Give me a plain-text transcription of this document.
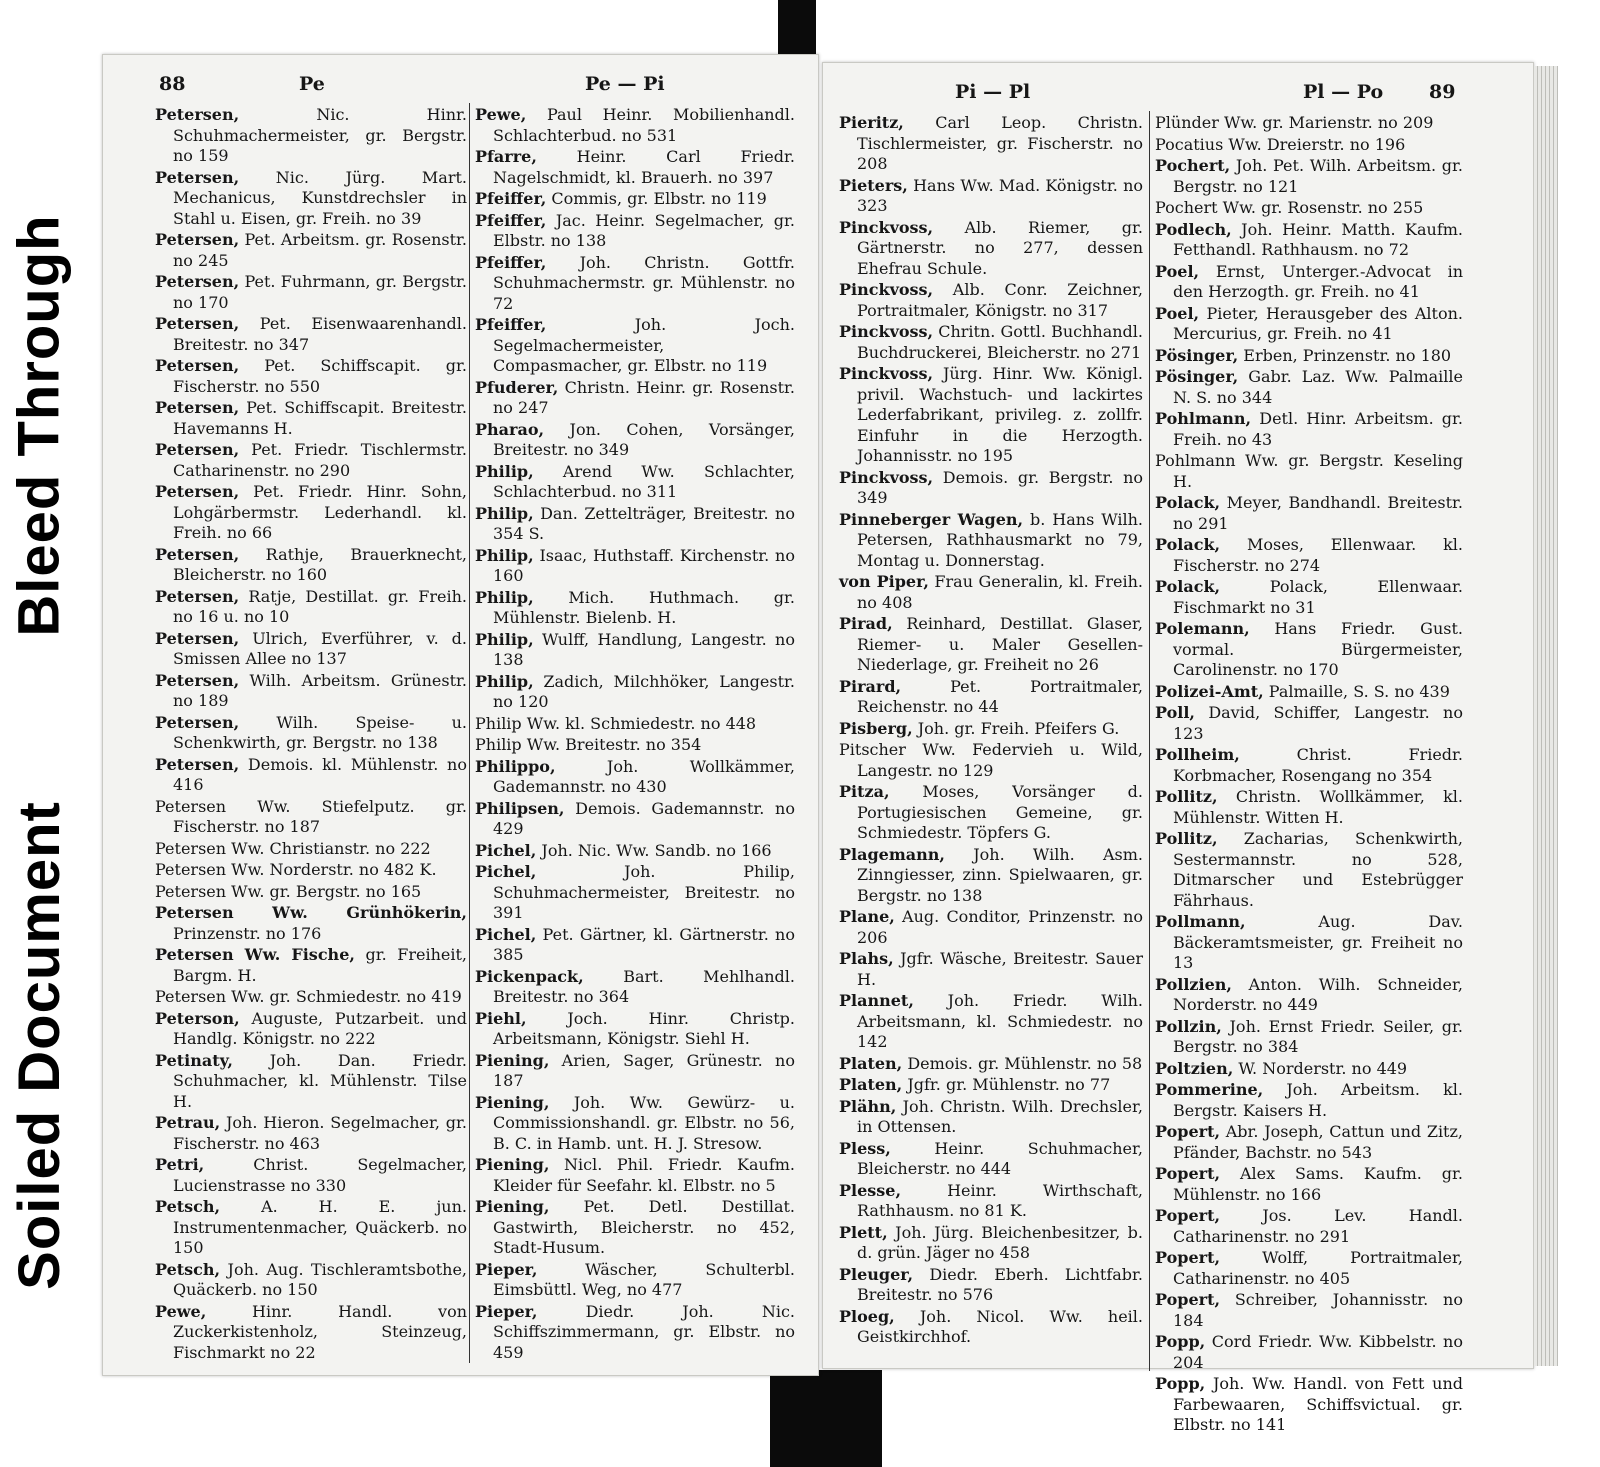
Bleed Through
Soiled Document
88	Pe	Pe — Pi
Petersen, Nic. Hinr. Schuhmachermeister, gr. Bergstr. no 159
Petersen, Nic. Jürg. Mart. Mechanicus, Kunstdrechsler in Stahl u. Eisen, gr. Freih. no 39
Petersen, Pet. Arbeitsm. gr. Rosenstr. no 245
Petersen, Pet. Fuhrmann, gr. Bergstr. no 170
Petersen, Pet. Eisenwaarenhandl. Breitestr. no 347
Petersen, Pet. Schiffscapit. gr. Fischerstr. no 550
Petersen, Pet. Schiffscapit. Breitestr. Havemanns H.
Petersen, Pet. Friedr. Tischlermstr. Catharinenstr. no 290
Petersen, Pet. Friedr. Hinr. Sohn, Lohgärbermstr. Lederhandl. kl. Freih. no 66
Petersen, Rathje, Brauerknecht, Bleicherstr. no 160
Petersen, Ratje, Destillat. gr. Freih. no 16 u. no 10
Petersen, Ulrich, Everführer, v. d. Smissen Allee no 137
Petersen, Wilh. Arbeitsm. Grünestr. no 189
Petersen, Wilh. Speise- u. Schenkwirth, gr. Bergstr. no 138
Petersen, Demois. kl. Mühlenstr. no 416
Petersen Ww. Stiefelputz. gr. Fischerstr. no 187
Petersen Ww. Christianstr. no 222
Petersen Ww. Norderstr. no 482 K.
Petersen Ww. gr. Bergstr. no 165
Petersen Ww. Grünhökerin, Prinzenstr. no 176
Petersen Ww. Fische, gr. Freiheit, Bargm. H.
Petersen Ww. gr. Schmiedestr. no 419
Peterson, Auguste, Putzarbeit. und Handlg. Königstr. no 222
Petinaty, Joh. Dan. Friedr. Schuhmacher, kl. Mühlenstr. Tilse H.
Petrau, Joh. Hieron. Segelmacher, gr. Fischerstr. no 463
Petri, Christ. Segelmacher, Lucienstrasse no 330
Petsch, A. H. E. jun. Instrumentenmacher, Quäckerb. no 150
Petsch, Joh. Aug. Tischleramtsbothe, Quäckerb. no 150
Pewe, Hinr. Handl. von Zuckerkistenholz, Steinzeug, Fischmarkt no 22
Pewe, Paul Heinr. Mobilienhandl. Schlachterbud. no 531
Pfarre, Heinr. Carl Friedr. Nagelschmidt, kl. Brauerh. no 397
Pfeiffer, Commis, gr. Elbstr. no 119
Pfeiffer, Jac. Heinr. Segelmacher, gr. Elbstr. no 138
Pfeiffer, Joh. Christn. Gottfr. Schuhmachermstr. gr. Mühlenstr. no 72
Pfeiffer, Joh. Joch. Segelmachermeister, Compasmacher, gr. Elbstr. no 119
Pfuderer, Christn. Heinr. gr. Rosenstr. no 247
Pharao, Jon. Cohen, Vorsänger, Breitestr. no 349
Philip, Arend Ww. Schlachter, Schlachterbud. no 311
Philip, Dan. Zettelträger, Breitestr. no 354 S.
Philip, Isaac, Huthstaff. Kirchenstr. no 160
Philip, Mich. Huthmach. gr. Mühlenstr. Bielenb. H.
Philip, Wulff, Handlung, Langestr. no 138
Philip, Zadich, Milchhöker, Langestr. no 120
Philip Ww. kl. Schmiedestr. no 448
Philip Ww. Breitestr. no 354
Philippo, Joh. Wollkämmer, Gademannstr. no 430
Philipsen, Demois. Gademannstr. no 429
Pichel, Joh. Nic. Ww. Sandb. no 166
Pichel, Joh. Philip, Schuhmachermeister, Breitestr. no 391
Pichel, Pet. Gärtner, kl. Gärtnerstr. no 385
Pickenpack, Bart. Mehlhandl. Breitestr. no 364
Piehl, Joch. Hinr. Christp. Arbeitsmann, Königstr. Siehl H.
Piening, Arien, Sager, Grünestr. no 187
Piening, Joh. Ww. Gewürz- u. Commissionshandl. gr. Elbstr. no 56, B. C. in Hamb. unt. H. J. Stresow.
Piening, Nicl. Phil. Friedr. Kaufm. Kleider für Seefahr. kl. Elbstr. no 5
Piening, Pet. Detl. Destillat. Gastwirth, Bleicherstr. no 452, Stadt-Husum.
Pieper, Wäscher, Schulterbl. Eimsbüttl. Weg, no 477
Pieper, Diedr. Joh. Nic. Schiffszimmermann, gr. Elbstr. no 459
Pi — Pl	Pl — Po 89
Pieritz, Carl Leop. Christn. Tischlermeister, gr. Fischerstr. no 208
Pieters, Hans Ww. Mad. Königstr. no 323
Pinckvoss, Alb. Riemer, gr. Gärtnerstr. no 277, dessen Ehefrau Schule.
Pinckvoss, Alb. Conr. Zeichner, Portraitmaler, Königstr. no 317
Pinckvoss, Chritn. Gottl. Buchhandl. Buchdruckerei, Bleicherstr. no 271
Pinckvoss, Jürg. Hinr. Ww. Königl. privil. Wachstuch- und lackirtes Lederfabrikant, privileg. z. zollfr. Einfuhr in die Herzogth. Johannisstr. no 195
Pinckvoss, Demois. gr. Bergstr. no 349
Pinneberger Wagen, b. Hans Wilh. Petersen, Rathhausmarkt no 79, Montag u. Donnerstag.
von Piper, Frau Generalin, kl. Freih. no 408
Pirad, Reinhard, Destillat. Glaser, Riemer- u. Maler Gesellen-Niederlage, gr. Freiheit no 26
Pirard, Pet. Portraitmaler, Reichenstr. no 44
Pisberg, Joh. gr. Freih. Pfeifers G.
Pitscher Ww. Federvieh u. Wild, Langestr. no 129
Pitza, Moses, Vorsänger d. Portugiesischen Gemeine, gr. Schmiedestr. Töpfers G.
Plagemann, Joh. Wilh. Asm. Zinngiesser, zinn. Spielwaaren, gr. Bergstr. no 138
Plane, Aug. Conditor, Prinzenstr. no 206
Plahs, Jgfr. Wäsche, Breitestr. Sauer H.
Plannet, Joh. Friedr. Wilh. Arbeitsmann, kl. Schmiedestr. no 142
Platen, Demois. gr. Mühlenstr. no 58
Platen, Jgfr. gr. Mühlenstr. no 77
Plähn, Joh. Christn. Wilh. Drechsler, in Ottensen.
Pless, Heinr. Schuhmacher, Bleicherstr. no 444
Plesse, Heinr. Wirthschaft, Rathhausm. no 81 K.
Plett, Joh. Jürg. Bleichenbesitzer, b. d. grün. Jäger no 458
Pleuger, Diedr. Eberh. Lichtfabr. Breitestr. no 576
Ploeg, Joh. Nicol. Ww. heil. Geistkirchhof.
Plünder Ww. gr. Marienstr. no 209
Pocatius Ww. Dreierstr. no 196
Pochert, Joh. Pet. Wilh. Arbeitsm. gr. Bergstr. no 121
Pochert Ww. gr. Rosenstr. no 255
Podlech, Joh. Heinr. Matth. Kaufm. Fetthandl. Rathhausm. no 72
Poel, Ernst, Unterger.-Advocat in den Herzogth. gr. Freih. no 41
Poel, Pieter, Herausgeber des Alton. Mercurius, gr. Freih. no 41
Pösinger, Erben, Prinzenstr. no 180
Pösinger, Gabr. Laz. Ww. Palmaille N. S. no 344
Pohlmann, Detl. Hinr. Arbeitsm. gr. Freih. no 43
Pohlmann Ww. gr. Bergstr. Keseling H.
Polack, Meyer, Bandhandl. Breitestr. no 291
Polack, Moses, Ellenwaar. kl. Fischerstr. no 274
Polack, Polack, Ellenwaar. Fischmarkt no 31
Polemann, Hans Friedr. Gust. vormal. Bürgermeister, Carolinenstr. no 170
Polizei-Amt, Palmaille, S. S. no 439
Poll, David, Schiffer, Langestr. no 123
Pollheim, Christ. Friedr. Korbmacher, Rosengang no 354
Pollitz, Christn. Wollkämmer, kl. Mühlenstr. Witten H.
Pollitz, Zacharias, Schenkwirth, Sestermannstr. no 528, Ditmarscher und Estebrügger Fährhaus.
Pollmann, Aug. Dav. Bäckeramtsmeister, gr. Freiheit no 13
Pollzien, Anton. Wilh. Schneider, Norderstr. no 449
Pollzin, Joh. Ernst Friedr. Seiler, gr. Bergstr. no 384
Poltzien, W. Norderstr. no 449
Pommerine, Joh. Arbeitsm. kl. Bergstr. Kaisers H.
Popert, Abr. Joseph, Cattun und Zitz, Pfänder, Bachstr. no 543
Popert, Alex Sams. Kaufm. gr. Mühlenstr. no 166
Popert, Jos. Lev. Handl. Catharinenstr. no 291
Popert, Wolff, Portraitmaler, Catharinenstr. no 405
Popert, Schreiber, Johannisstr. no 184
Popp, Cord Friedr. Ww. Kibbelstr. no 204
Popp, Joh. Ww. Handl. von Fett und Farbewaaren, Schiffsvictual. gr. Elbstr. no 141
